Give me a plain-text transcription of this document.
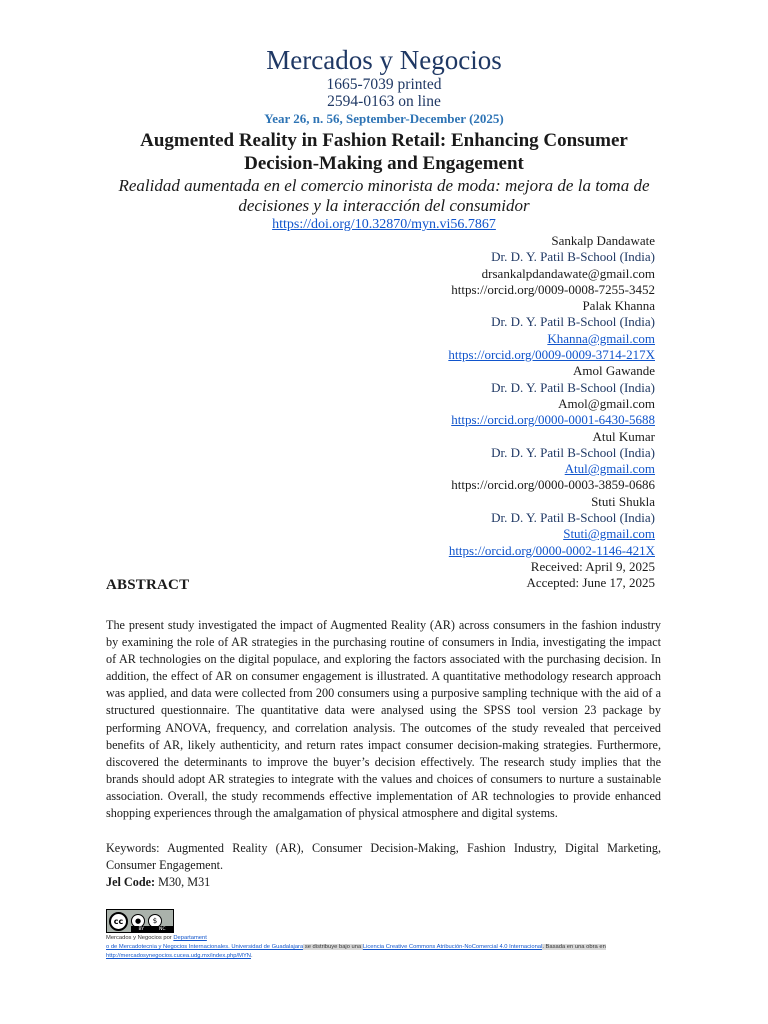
Mercados y Negocios
1665-7039 printed
2594-0163 on line
Year 26, n. 56, September-December (2025)
Augmented Reality in Fashion Retail: Enhancing Consumer Decision-Making and Engagement
Realidad aumentada en el comercio minorista de moda: mejora de la toma de decisiones y la interacción del consumidor
https://doi.org/10.32870/myn.vi56.7867
Sankalp Dandawate
Dr. D. Y. Patil B-School (India)
drsankalpdandawate@gmail.com
https://orcid.org/0009-0008-7255-3452
Palak Khanna
Dr. D. Y. Patil B-School (India)
Khanna@gmail.com
https://orcid.org/0009-0009-3714-217X
Amol Gawande
Dr. D. Y. Patil B-School (India)
Amol@gmail.com
https://orcid.org/0000-0001-6430-5688
Atul Kumar
Dr. D. Y. Patil B-School (India)
Atul@gmail.com
https://orcid.org/0000-0003-3859-0686
Stuti Shukla
Dr. D. Y. Patil B-School (India)
Stuti@gmail.com
https://orcid.org/0000-0002-1146-421X
Received: April 9, 2025
Accepted: June 17, 2025
ABSTRACT
The present study investigated the impact of Augmented Reality (AR) across consumers in the fashion industry by examining the role of AR strategies in the purchasing routine of consumers in India, investigating the impact of AR technologies on the digital populace, and exploring the factors associated with the purchasing decision. In addition, the effect of AR on consumer engagement is illustrated. A quantitative methodology research approach was applied, and data were collected from 200 consumers using a purposive sampling technique with the aid of a structured questionnaire. The quantitative data were analysed using the SPSS tool version 23 package by performing ANOVA, frequency, and correlation analysis. The outcomes of the study revealed that perceived benefits of AR, likely authenticity, and return rates impact consumer decision-making strategies. Furthermore, discovered the determinants to improve the buyer’s decision effectively. The research study implies that the brands should adopt AR strategies to integrate with the values and choices of consumers to nurture a sustainable association. Overall, the study recommends effective implementation of AR technologies to provide enhanced shopping experiences through the amalgamation of physical atmosphere and digital systems.
Keywords: Augmented Reality (AR), Consumer Decision-Making, Fashion Industry, Digital Marketing, Consumer Engagement.
Jel Code: M30, M31
cc	●	$
BY	NC
Mercados y Negocios por Departament
o de Mercadotecnia y Negocios Internacionales. Universidad de Guadalajara se distribuye bajo una Licencia Creative Commons Atribución-NoComercial 4.0 Internacional. Basada en una obra en http://mercadosynegocios.cucea.udg.mx/index.php/MYN.
